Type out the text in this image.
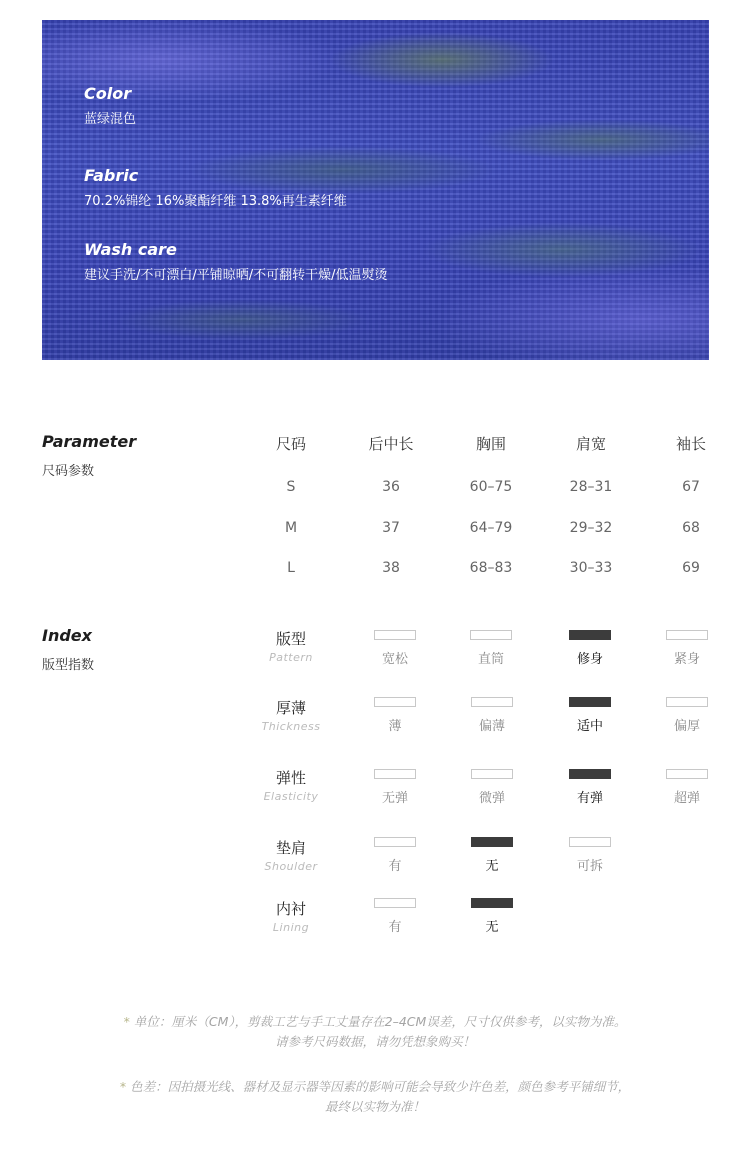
Color
蓝绿混色
Fabric
70.2%锦纶 16%聚酯纤维 13.8%再生素纤维
Wash care
建议手洗/不可漂白/平铺晾晒/不可翻转干燥/低温熨烫
Parameter
尺码参数
尺码	后中长	胸围	肩宽	袖长
S	36	60–75	28–31	67
M	37	64–79	29–32	68
L	38	68–83	30–33	69
Index
版型指数
版型
Pattern	宽松	直筒	修身	紧身
厚薄
Thickness	薄	偏薄	适中	偏厚
弹性
Elasticity	无弹	微弹	有弹	超弹
垫肩
Shoulder	有	无	可拆
内衬
Lining	有	无
* 单位：厘米（CM），剪裁工艺与手工丈量存在2–4CM误差，尺寸仅供参考，以实物为准。
请参考尺码数据，请勿凭想象购买！
* 色差：因拍摄光线、器材及显示器等因素的影响可能会导致少许色差，颜色参考平铺细节，
最终以实物为准！
